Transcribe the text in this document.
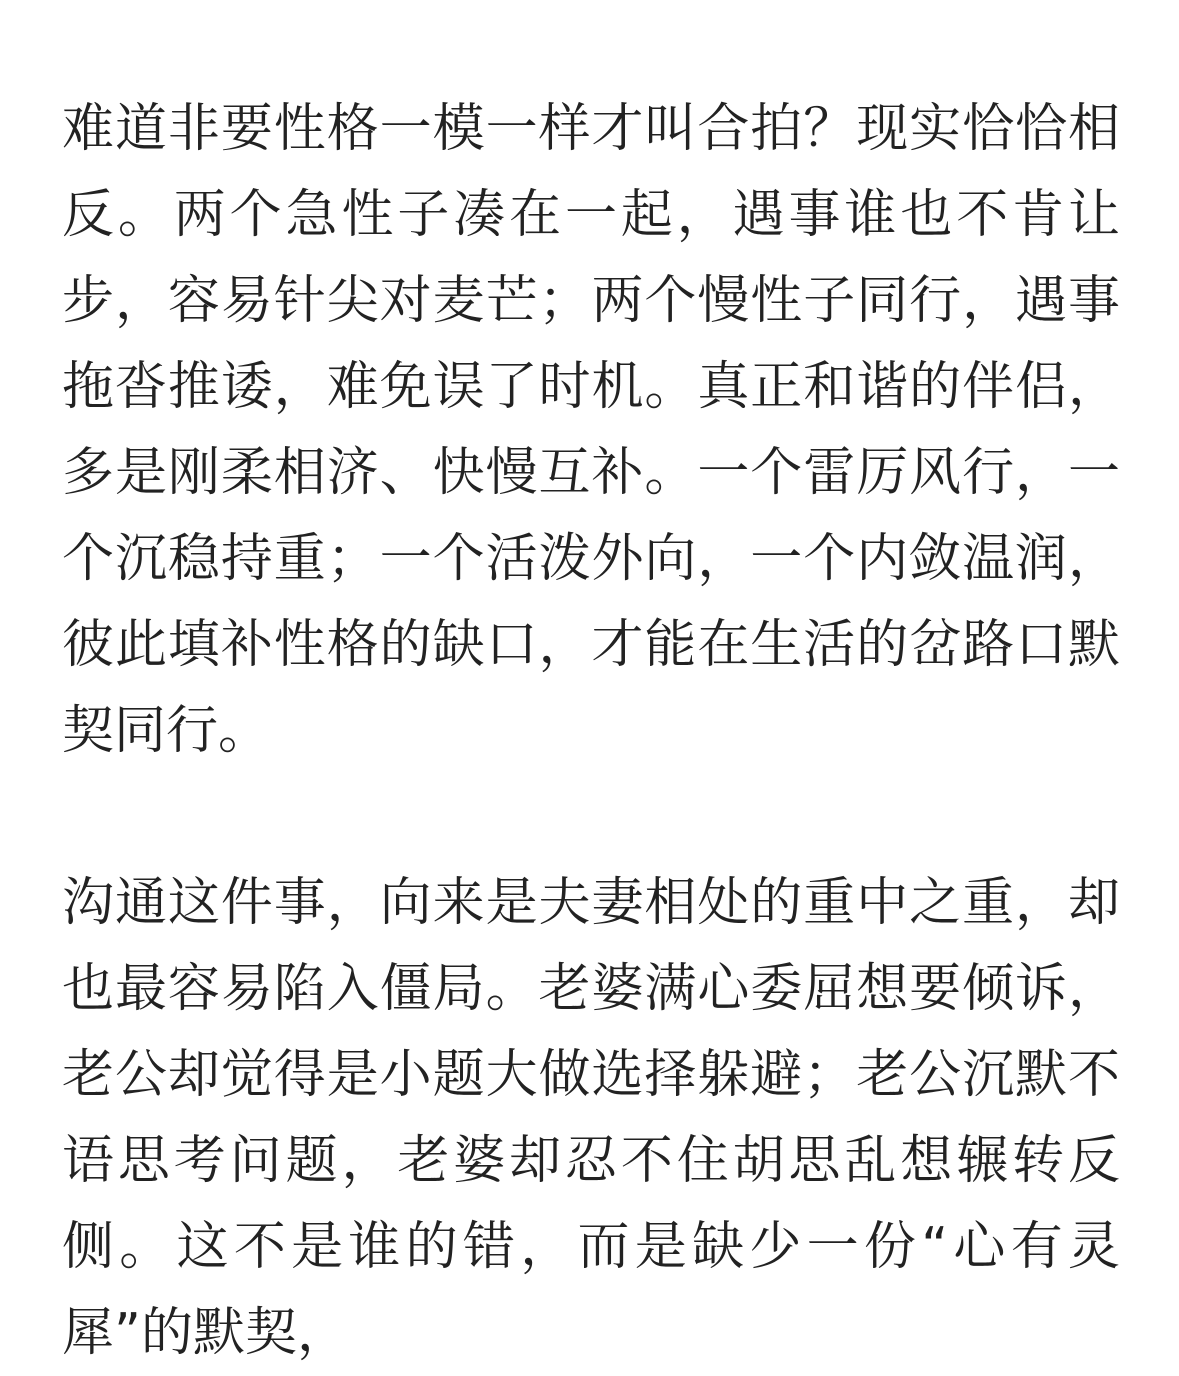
难道非要性格一模一样才叫合拍？现实恰恰相反。两个急性子凑在一起，遇事谁也不肯让步，容易针尖对麦芒；两个慢性子同行，遇事拖沓推诿，难免误了时机。真正和谐的伴侣，多是刚柔相济、快慢互补。一个雷厉风行，一个沉稳持重；一个活泼外向，一个内敛温润，彼此填补性格的缺口，才能在生活的岔路口默契同行。

沟通这件事，向来是夫妻相处的重中之重，却也最容易陷入僵局。老婆满心委屈想要倾诉，老公却觉得是小题大做选择躲避；老公沉默不语思考问题，老婆却忍不住胡思乱想辗转反侧。这不是谁的错，而是缺少一份“心有灵犀”的默契，
